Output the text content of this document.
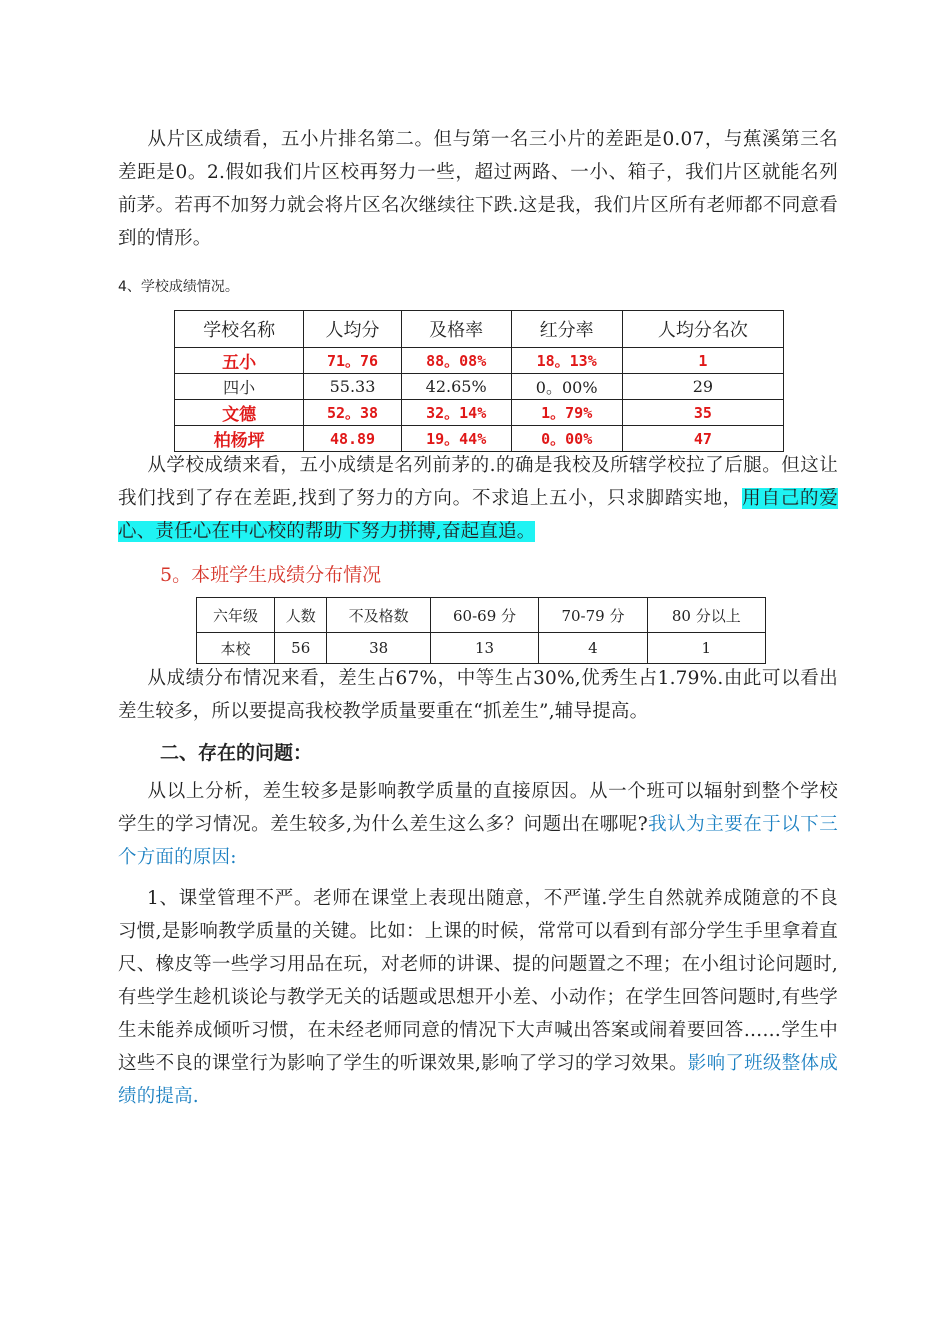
从片区成绩看，五小片排名第二。但与第一名三小片的差距是0.07，与蕉溪第三名差距是0。2.假如我们片区校再努力一些，超过两路、一小、箱子，我们片区就能名列前茅。若再不加努力就会将片区名次继续往下跌.这是我，我们片区所有老师都不同意看到的情形。

4、学校成绩情况。
学校名称	人均分	及格率	红分率	人均分名次
五小	71。76	88。08%	18。13%	1
四小	55.33	42.65%	0。00%	29
文德	52。38	32。14%	1。79%	35
柏杨坪	48.89	19。44%	0。00%	47

从学校成绩来看，五小成绩是名列前茅的.的确是我校及所辖学校拉了后腿。但这让我们找到了存在差距,找到了努力的方向。不求追上五小，只求脚踏实地，用自己的爱心、责任心在中心校的帮助下努力拼搏,奋起直追。

5。本班学生成绩分布情况
六年级	人数	不及格数	60-69 分	70-79 分	80 分以上
本校	56	38	13	4	1

从成绩分布情况来看，差生占67%，中等生占30%,优秀生占1.79%.由此可以看出差生较多，所以要提高我校教学质量要重在“抓差生”,辅导提高。

二、存在的问题：

从以上分析，差生较多是影响教学质量的直接原因。从一个班可以辐射到整个学校学生的学习情况。差生较多,为什么差生这么多？问题出在哪呢?我认为主要在于以下三个方面的原因:

1、课堂管理不严。老师在课堂上表现出随意，不严谨.学生自然就养成随意的不良习惯,是影响教学质量的关键。比如：上课的时候，常常可以看到有部分学生手里拿着直尺、橡皮等一些学习用品在玩，对老师的讲课、提的问题置之不理；在小组讨论问题时,有些学生趁机谈论与教学无关的话题或思想开小差、小动作；在学生回答问题时,有些学生未能养成倾听习惯，在未经老师同意的情况下大声喊出答案或闹着要回答……学生中这些不良的课堂行为影响了学生的听课效果,影响了学习的学习效果。影响了班级整体成绩的提高.
